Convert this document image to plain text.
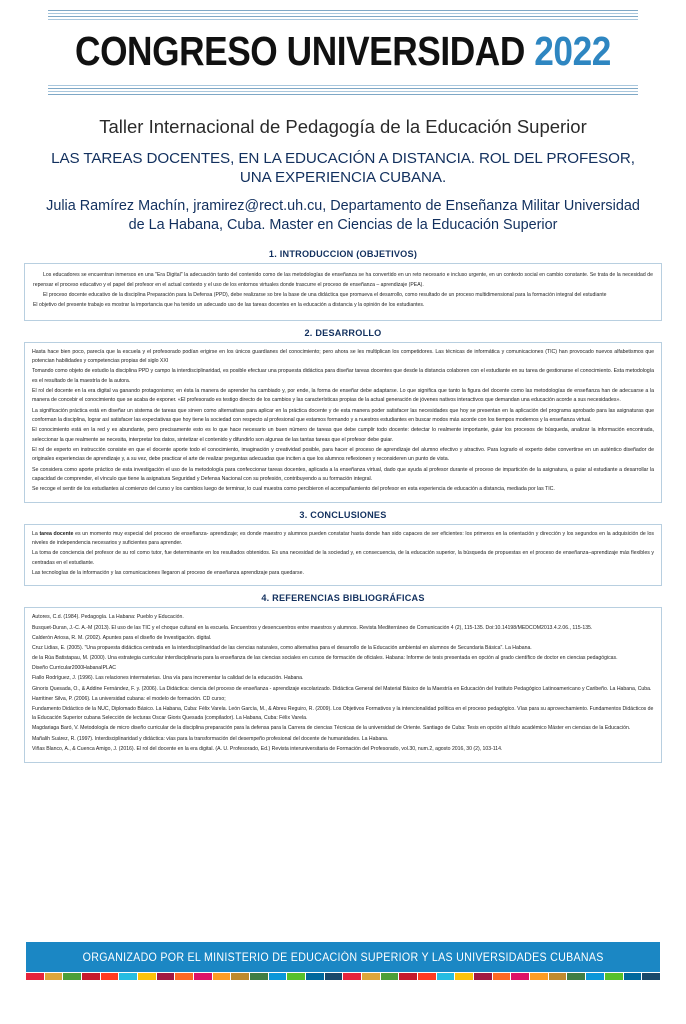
CONGRESO UNIVERSIDAD 2022
Taller Internacional de Pedagogía de la Educación Superior
LAS TAREAS DOCENTES, EN LA EDUCACIÓN A DISTANCIA. ROL DEL PROFESOR, UNA EXPERIENCIA CUBANA.
Julia Ramírez Machín, jramirez@rect.uh.cu, Departamento de Enseñanza Militar Universidad de La Habana, Cuba. Master en Ciencias de la Educación Superior
1. INTRODUCCION (OBJETIVOS)

Los educadores se encuentran inmersos en una "Era Digital" la adecuación tanto del contenido como de las metodologías de enseñanza se ha convertido en un reto necesario e incluso urgente, en un contexto social en cambio constante. Se trata de la necesidad de repensar el proceso educativo y el papel del profesor en el actual contexto y el uso de los entornos virtuales donde trascurre el proceso de enseñanza – aprendizaje (PEA).

El proceso docente educativo de la disciplina Preparación para la Defensa (PPD), debe realizarse so bre la base de una didáctica que promueva el desarrollo, como resultado de un proceso multidimensional para la formación integral del estudiante

El objetivo del presente trabajo es mostrar la importancia que ha tenido un adecuado uso de las tareas docentes en la educación a distancia y la opinión de los estudiantes.

2. DESARROLLO

Hasta hace bien poco, parecía que la escuela y el profesorado podían erigirse en los únicos guardianes del conocimiento; pero ahora se les multiplican los competidores. Las técnicas de informática y comunicaciones (TIC) han provocado nuevos alfabetismos que potencian habilidades y competencias propias del siglo XXI

Tomando como objeto de estudio la disciplina PPD y campo la interdisciplinaridad, es posible efectuar una propuesta didáctica para diseñar tareas docentes que desde la distancia colaboren con el estudiante en su tarea de gestionarse el conocimiento. Esta metodología es el resultado de la maestría de la autora.

El rol del docente en la era digital va ganando protagonismo; en ésta la manera de aprender ha cambiado y, por ende, la forma de enseñar debe adaptarse. Lo que significa que tanto la figura del docente como las metodologías de enseñanza han de adecuarse a la manera de concebir el conocimiento que se acaba de exponer. «El profesorado es testigo directo de los cambios y las características propias de la actual generación de jóvenes nativos interactivos que demandan una educación acorde a sus necesidades».

La significación práctica está en diseñar un sistema de tareas que sirven como alternativas para aplicar en la práctica docente y de esta manera poder satisfacer las necesidades que hoy se presentan en la aplicación del programa aprobado para las asignaturas que conforman la disciplina, lograr así satisfacer las expectativas que hoy tiene la sociedad con respecto al profesional que estamos formando y a nuestros estudiantes en buscar modos más acorde con los tiempos modernos y la enseñanza virtual.

El conocimiento está en la red y es abundante, pero precisamente esto es lo que hace necesario un buen número de tareas que debe cumplir todo docente: detectar lo realmente importante, guiar los procesos de búsqueda, analizar la información encontrada, seleccionar la que realmente se necesita, interpretar los datos, sintetizar el contenido y difundirlo son algunas de las tantas tareas que el profesor debe guiar.

El rol de experto en instrucción consiste en que el docente aporte todo el conocimiento, imaginación y creatividad posible, para hacer el proceso de aprendizaje del alumno efectivo y atractivo. Para lograrlo el experto debe convertirse en un auténtico diseñador de originales experiencias de aprendizaje y, a su vez, debe practicar el arte de realizar preguntas adecuadas que inciten a que los alumnos reflexionen y reconsideren un punto de vista.

Se considera como aporte práctico de esta investigación el uso de la metodología para confeccionar tareas docentes, aplicada a la enseñanza virtual, dado que ayuda al profesor durante el proceso de impartición de la asignatura, a guiar al estudiante a desarrollar la capacidad de comprender, el vínculo que tiene la asignatura Seguridad y Defensa Nacional con su profesión, contribuyendo a su formación integral.

Se recoge el sentir de los estudiantes al comienzo del curso y los cambios luego de terminar, lo cual muestra como percibieron el acompañamiento del profesor en esta experiencia de educación a distancia, mediada por las TIC.

3. CONCLUSIONES

La tarea docente es un momento muy especial del proceso de enseñanza- aprendizaje; es donde maestro y alumnos pueden constatar hasta donde han sido capaces de ser eficientes: los primeros en la orientación y dirección y los segundos en la adquisición de los niveles de independencia necesarios y suficientes para aprender.

La toma de conciencia del profesor de su rol como tutor, fue determinante en los resultados obtenidos. Es una necesidad de la sociedad y, en consecuencia, de la educación superior, la búsqueda de propuestas en el proceso de enseñanza–aprendizaje más flexibles y centradas en el estudiante.

Las tecnologías de la información y las comunicaciones llegaron al proceso de enseñanza aprendizaje para quedarse.

4. REFERENCIAS BIBLIOGRÁFICAS

Autores, C.d. (1984). Pedagogía. La Habana: Pueblo y Educación.

Busquet-Duran, J.-C. A.-M (2013). El uso de las TIC y el choque cultural en la escuela. Encuentros y desencuentros entre maestros y alumnos. Revista Mediterráneo de Comunicación 4 (2), 115-135. Doi:10.14198/MEDCOM2013.4.2.06., 115-135.

Calderón Ariosa, R. M. (2002). Apuntes para el diseño de Investigación. digital.

Cruz Lidias, E. (2005). "Una propuesta didáctica centrada en la interdisciplinaridad de las ciencias naturales, como alternativa para el desarrollo de la Educación ambiental en alumnos de Secundaria Básica". La Habana.

de la Rúa Batistapau, M. (2000). Una estrategia curricular interdisciplinaria para la enseñanza de las ciencias sociales en cursos de formación de oficiales. Habana: Informe de tesis presentada en opción al grado científico de doctor en ciencias pedagógicas.

Diseño Curricular2000HabanaIPLAC

Fiallo Rodríguez, J. (1996). Las relaciones intermaterias. Una vía para incrementar la calidad de la educación. Habana.

Ginoris Quesada, O., & Addine Fernández, F. y. (2006). La Didáctica: ciencia del proceso de enseñanza - aprendizaje escolarizado. Didáctica General del Material Básico de la Maestría en Educación del Instituto Pedagógico Latinoamericano y Caribeño. La Habana, Cuba.

Harritiner Silva, P. (2006). La universidad cubana: el modelo de formación. CD curso;

Fundamento Didáctico de la NUC, Diplomado Básico. La Habana, Cuba: Félix Varela. León García, M., & Abreu Reguiro, R. (2009). Los Objetivos Formativos y la intencionalidad política en el proceso pedagógico. Vías para su aprovechamiento. Fundamentos Didácticos de la Educación Superior cubana Selección de lecturas Oscar Gioris Quesada (compilador). La Habana, Cuba: Félix Varela.

Magdariaga Baró, V. Metodología de micro diseño curricular de la disciplina preparación para la defensa para la Carrera de ciencias Técnicas de la universidad de Oriente. Santiago de Cuba: Tesis en opción al título académico Máster en ciencias de la Educación.

Mañalih Suárez, R. (1997). Interdisciplinaridad y didáctica: vías para la transformación del desempeño profesional del docente de humanidades. La Habana.

Viñas Blanco, A., & Cuenca Amigo, J. (2016). El rol del docente en la era digital. (A. U. Profesorado, Ed.) Revista interuniversitaria de Formación del Profesorado, vol.30, num.2, agosto 2016, 30 (2), 103-114.

ORGANIZADO POR EL MINISTERIO DE EDUCACIÓN SUPERIOR Y LAS UNIVERSIDADES CUBANAS
